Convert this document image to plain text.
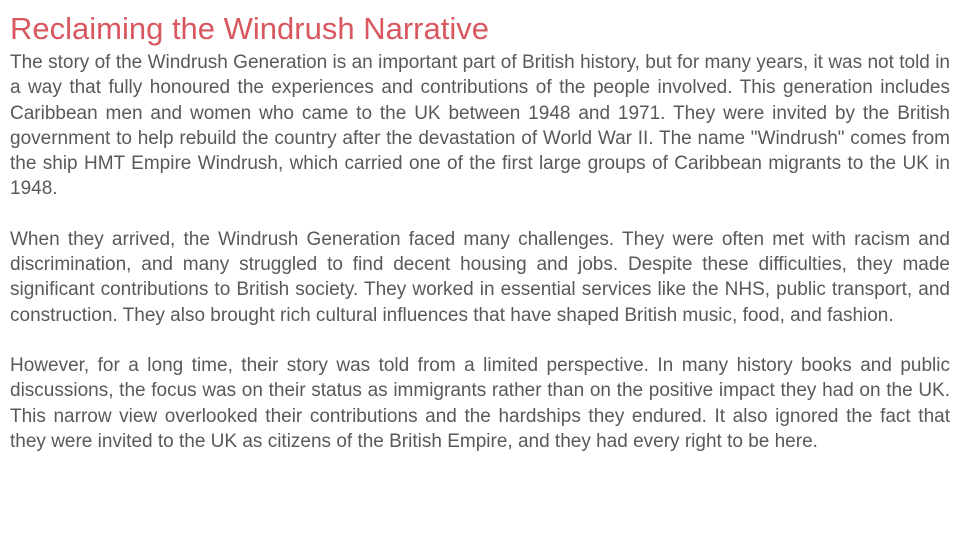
Reclaiming the Windrush Narrative

The story of the Windrush Generation is an important part of British history, but for many years, it was not told in a way that fully honoured the experiences and contributions of the people involved. This generation includes Caribbean men and women who came to the UK between 1948 and 1971. They were invited by the British government to help rebuild the country after the devastation of World War II. The name "Windrush" comes from the ship HMT Empire Windrush, which carried one of the first large groups of Caribbean migrants to the UK in 1948.

When they arrived, the Windrush Generation faced many challenges. They were often met with racism and discrimination, and many struggled to find decent housing and jobs. Despite these difficulties, they made significant contributions to British society. They worked in essential services like the NHS, public transport, and construction. They also brought rich cultural influences that have shaped British music, food, and fashion.

However, for a long time, their story was told from a limited perspective. In many history books and public discussions, the focus was on their status as immigrants rather than on the positive impact they had on the UK. This narrow view overlooked their contributions and the hardships they endured. It also ignored the fact that they were invited to the UK as citizens of the British Empire, and they had every right to be here.
